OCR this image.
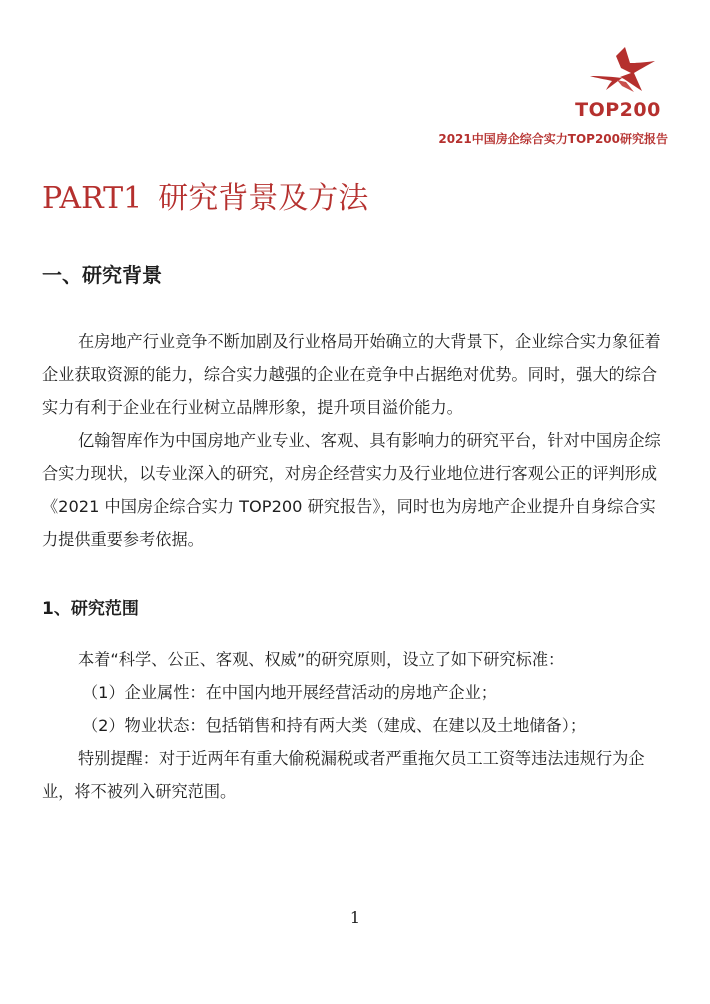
TOP200
2021中国房企综合实力TOP200研究报告
PART1 研究背景及方法
一、研究背景

在房地产行业竞争不断加剧及行业格局开始确立的大背景下，企业综合实力象征着企业获取资源的能力，综合实力越强的企业在竞争中占据绝对优势。同时，强大的综合实力有利于企业在行业树立品牌形象，提升项目溢价能力。

亿翰智库作为中国房地产业专业、客观、具有影响力的研究平台，针对中国房企综合实力现状，以专业深入的研究，对房企经营实力及行业地位进行客观公正的评判形成《2021 中国房企综合实力 TOP200 研究报告》，同时也为房地产企业提升自身综合实力提供重要参考依据。

1、研究范围

本着“科学、公正、客观、权威”的研究原则，设立了如下研究标准：

（1）企业属性：在中国内地开展经营活动的房地产企业；

（2）物业状态：包括销售和持有两大类（建成、在建以及土地储备）；

特别提醒：对于近两年有重大偷税漏税或者严重拖欠员工工资等违法违规行为企业，将不被列入研究范围。

1
